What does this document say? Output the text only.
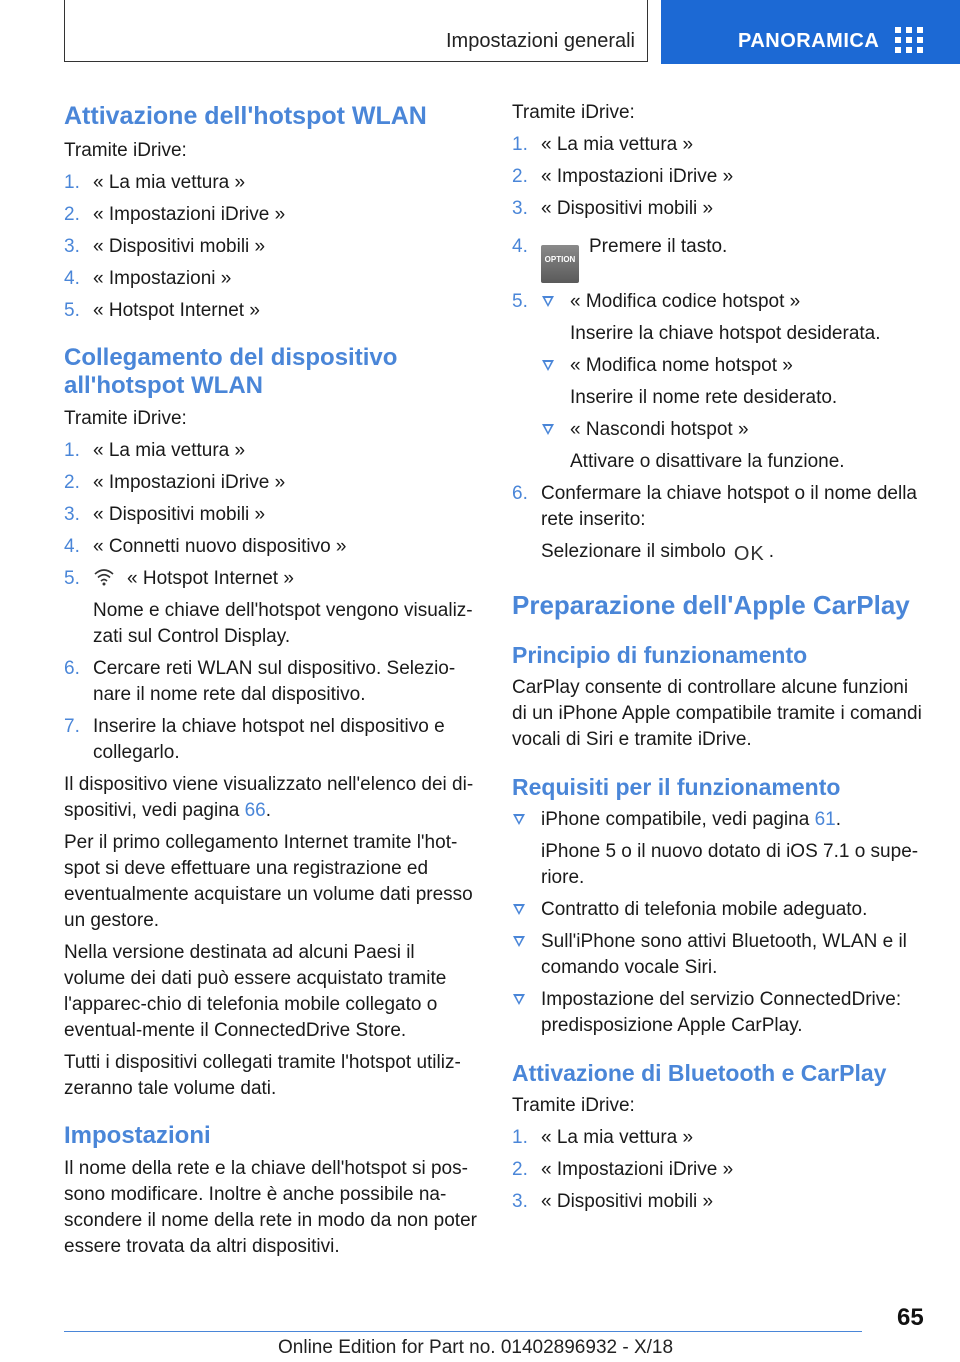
Impostazioni generali	PANORAMICA
Attivazione dell'hotspot WLAN

Tramite iDrive:

1. « La mia vettura »
2. « Impostazioni iDrive »
3. « Dispositivi mobili »
4. « Impostazioni »
5. « Hotspot Internet »
Collegamento del dispositivo all'hotspot WLAN

Tramite iDrive:

1. « La mia vettura »
2. « Impostazioni iDrive »
3. « Dispositivi mobili »
4. « Connetti nuovo dispositivo »
5. « Hotspot Internet »
Nome e chiave dell'hotspot vengono visualiz-zati sul Control Display.
6. Cercare reti WLAN sul dispositivo. Selezio-nare il nome rete dal dispositivo.
7. Inserire la chiave hotspot nel dispositivo e collegarlo.

Il dispositivo viene visualizzato nell'elenco dei di-spositivi, vedi pagina 66.

Per il primo collegamento Internet tramite l'hot-spot si deve effettuare una registrazione ed eventualmente acquistare un volume dati presso un gestore.

Nella versione destinata ad alcuni Paesi il volume dei dati può essere acquistato tramite l'apparec-chio di telefonia mobile collegato o eventual-mente il ConnectedDrive Store.

Tutti i dispositivi collegati tramite l'hotspot utiliz-zeranno tale volume dati.

Impostazioni

Il nome della rete e la chiave dell'hotspot si pos-sono modificare. Inoltre è anche possibile na-scondere il nome della rete in modo da non poter essere trovata da altri dispositivi.

Tramite iDrive:

1. « La mia vettura »
2. « Impostazioni iDrive »
3. « Dispositivi mobili »
4.
OPTIONPremere il tasto.
5.	« Modifica codice hotspot »
Inserire la chiave hotspot desiderata.
« Modifica nome hotspot »
Inserire il nome rete desiderato.
« Nascondi hotspot »
Attivare o disattivare la funzione.
6. Confermare la chiave hotspot o il nome della rete inserito:
Selezionare il simbolo OK .
Preparazione dell'Apple CarPlay
Principio di funzionamento

CarPlay consente di controllare alcune funzioni di un iPhone Apple compatibile tramite i comandi vocali di Siri e tramite iDrive.

Requisiti per il funzionamento
iPhone compatibile, vedi pagina 61.
iPhone 5 o il nuovo dotato di iOS 7.1 o supe-riore.
Contratto di telefonia mobile adeguato.
Sull'iPhone sono attivi Bluetooth, WLAN e il comando vocale Siri.
Impostazione del servizio ConnectedDrive: predisposizione Apple CarPlay.
Attivazione di Bluetooth e CarPlay

Tramite iDrive:

1. « La mia vettura »
2. « Impostazioni iDrive »
3. « Dispositivi mobili »
65
Online Edition for Part no. 01402896932 - X/18
